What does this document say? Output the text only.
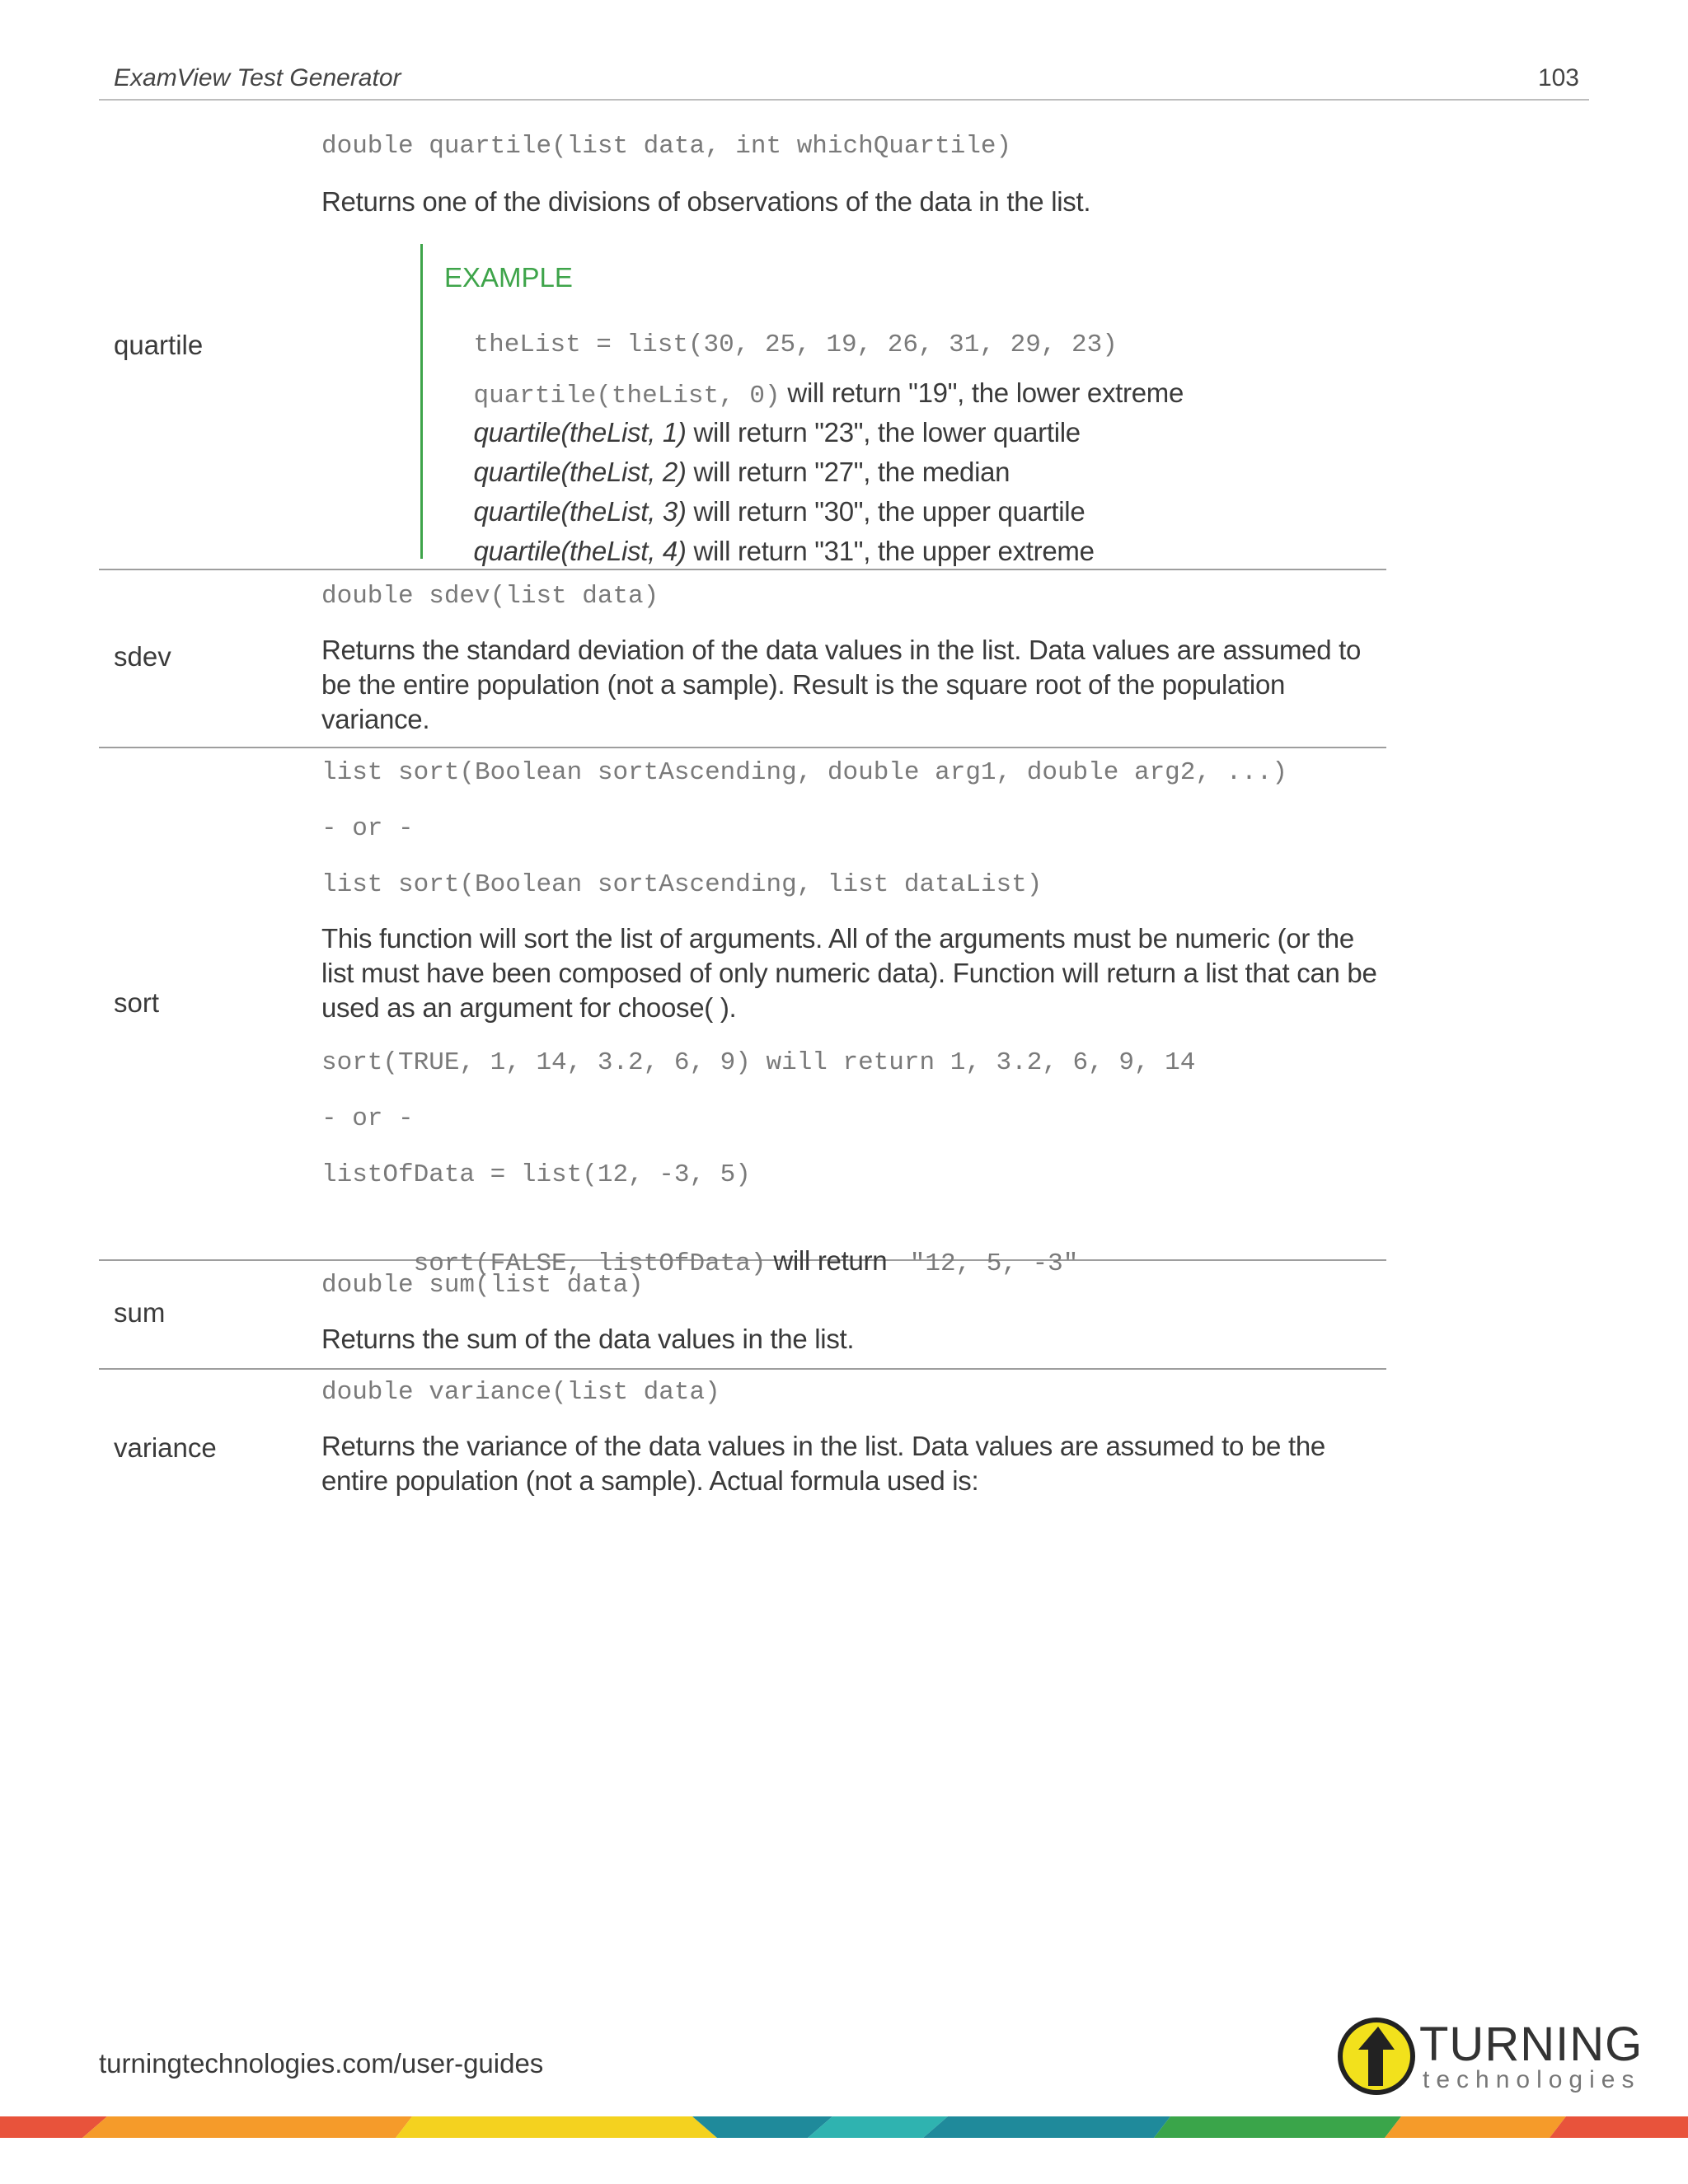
ExamView Test Generator	103
quartile
double quartile(list data, int whichQuartile)
Returns one of the divisions of observations of the data in the list.
EXAMPLE

theList = list(30, 25, 19, 26, 31, 29, 23)

quartile(theList, 0) will return "19", the lower extreme

quartile(theList, 1) will return "23", the lower quartile

quartile(theList, 2) will return "27", the median

quartile(theList, 3) will return "30", the upper quartile

quartile(theList, 4) will return "31", the upper extreme

sdev
double sdev(list data)
Returns the standard deviation of the data values in the list. Data values are assumed to be the entire population (not a sample). Result is the square root of the population variance.
sort
list sort(Boolean sortAscending, double arg1, double arg2, ...)
- or -
list sort(Boolean sortAscending, list dataList)
This function will sort the list of arguments. All of the arguments must be numeric (or the list must have been composed of only numeric data). Function will return a list that can be used as an argument for choose( ).
sort(TRUE, 1, 14, 3.2, 6, 9) will return 1, 3.2, 6, 9, 14
- or -
listOfData = list(12, -3, 5)

sort(FALSE, listOfData) will return  "12, 5, -3"

sum
double sum(list data)
Returns the sum of the data values in the list.
variance
double variance(list data)
Returns the variance of the data values in the list. Data values are assumed to be the entire population (not a sample). Actual formula used is:
turningtechnologies.com/user-guides	TURNING
technologies
